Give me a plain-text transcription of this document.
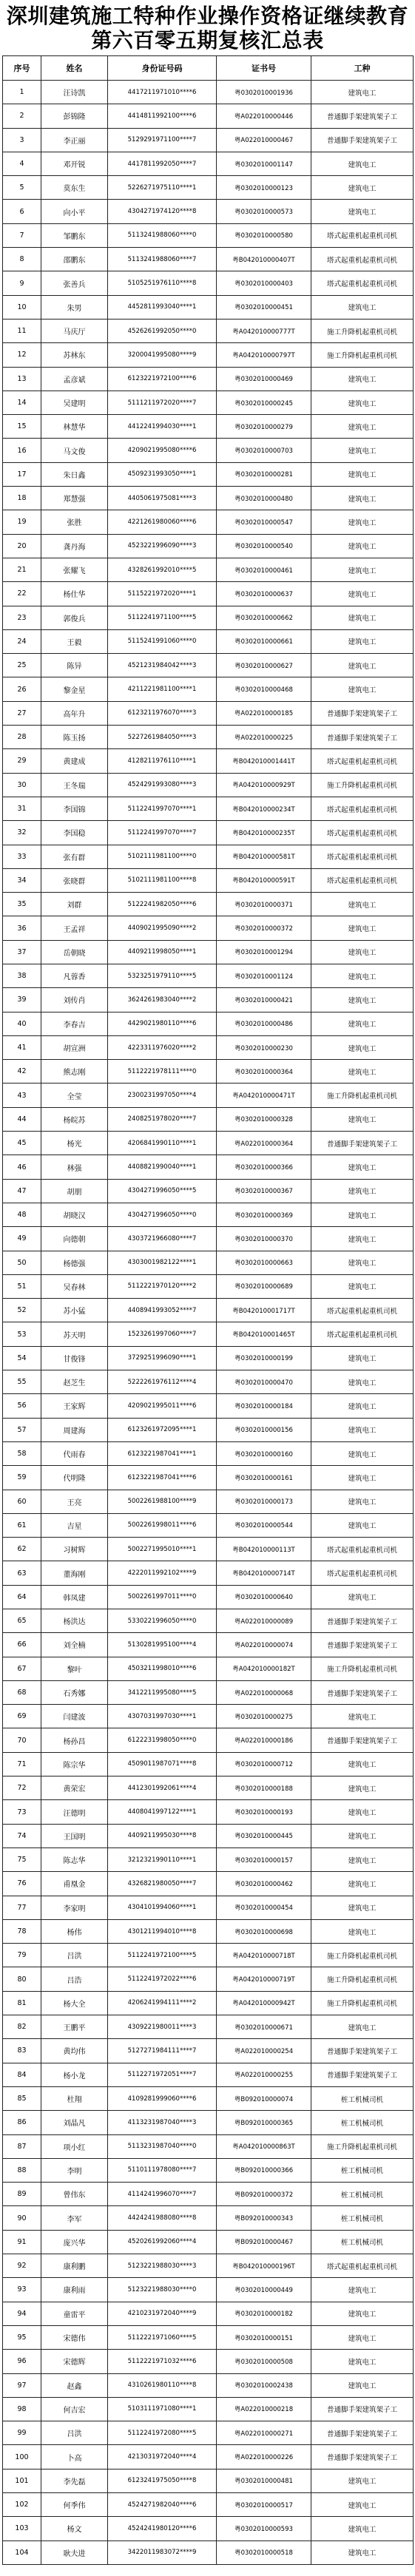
深圳建筑施工特种作业操作资格证继续教育
第六百零五期复核汇总表
序号	姓名	身份证号码	证书号	工种
1	汪诗凯	4417211971010****6	粤0302010001936	建筑电工
2	彭锦隆	4414811992100****6	粤A022010000446	普通脚手架建筑架子工
3	李正丽	5129291971100****7	粤A022010000467	普通脚手架建筑架子工
4	邓开锐	4417811992050****7	粤0302010001147	建筑电工
5	莫东生	5226271975110****1	粤0302010000123	建筑电工
6	向小平	4304271974120****8	粤0302010000573	建筑电工
7	邹鹏东	5113241988060****0	粤0302010000580	塔式起重机起重机司机
8	邵鹏东	5113241988060****7	粤B042010000407T	塔式起重机起重机司机
9	张善兵	5105251976110****8	粤0302010000403	塔式起重机起重机司机
10	朱男	4452811993040****1	粤0302010000451	建筑电工
11	马庆厅	4526261992050****0	粤A042010000777T	施工升降机起重机司机
12	苏林东	3200041995080****9	粤A042010000797T	施工升降机起重机司机
13	孟彦斌	6123221972100****6	粤0302010000469	建筑电工
14	吴建明	5111211972020****7	粤0302010000245	建筑电工
15	林慧华	4412241994030****1	粤0302010000279	建筑电工
16	马文俊	4209021995080****6	粤0302010000703	建筑电工
17	朱日鑫	4509231993050****1	粤0302010000281	建筑电工
18	郑慧强	4405061975081****3	粤0302010000480	建筑电工
19	张胜	4221261980060****6	粤0302010000547	建筑电工
20	龚丹海	4523221996090****3	粤0302010000540	建筑电工
21	张耀飞	4328261992010****5	粤0302010000461	建筑电工
22	杨仕华	5115221972020****1	粤0302010000637	建筑电工
23	郭俊兵	5112241971100****5	粤0302010000662	建筑电工
24	王毅	5115241991060****0	粤0302010000661	建筑电工
25	陈异	4521231984042****3	粤0302010000627	建筑电工
26	黎金星	4211221981100****1	粤0302010000468	建筑电工
27	高年升	6123211976070****3	粤A022010000185	普通脚手架建筑架子工
28	陈玉扬	5227261984050****3	粤A022010000225	普通脚手架建筑架子工
29	黄建成	4128211976110****1	粤B042010001441T	塔式起重机起重机司机
30	王冬瑞	4524291993080****3	粤A042010000929T	施工升降机起重机司机
31	李国锦	5112241997070****1	粤B042010000234T	塔式起重机起重机司机
32	李国稳	5112241997070****7	粤B042010000235T	塔式起重机起重机司机
33	张有群	5102111981100****0	粤B042010000581T	塔式起重机起重机司机
34	张晓群	5102111981100****8	粤B042010000591T	塔式起重机起重机司机
35	刘群	5122241982050****6	粤0302010000371	建筑电工
36	王孟祥	4409021995090****2	粤0302010000372	建筑电工
37	岳朝晓	4409211998050****1	粤0302010001294	建筑电工
38	凡蓉香	5323251979110****5	粤0302010001124	建筑电工
39	刘传肖	3624261983040****2	粤0302010000421	建筑电工
40	李春吉	4429021980110****6	粤0302010000486	建筑电工
41	胡宣洲	4223311976020****2	粤0302010000230	建筑电工
42	熊志刚	5112221978111****0	粤0302010000364	建筑电工
43	全莹	2300231997050****4	粤A042010000471T	施工升降机起重机司机
44	杨皖苏	2408251978020****7	粤0302010000328	建筑电工
45	杨光	4206841990110****1	粤A022010000364	普通脚手架建筑架子工
46	林强	4408821990040****1	粤0302010000366	建筑电工
47	胡朋	4304271996050****5	粤0302010000367	建筑电工
48	胡晓汉	4304271996050****0	粤0302010000369	建筑电工
49	向德朝	4303721966080****7	粤0302010000370	建筑电工
50	杨德强	4303001982122****1	粤0302010000663	建筑电工
51	吴春林	5112221970120****2	粤0302010000689	建筑电工
52	苏小猛	4408941993052****7	粤B042010001717T	塔式起重机起重机司机
53	苏天明	1523261997060****7	粤B042010001465T	塔式起重机起重机司机
54	甘俊锋	3729251996090****1	粤0302010000199	建筑电工
55	赵芝生	5222261976112****4	粤0302010000470	建筑电工
56	王家辉	4209021995011****6	粤0302010000184	建筑电工
57	周建海	6123261972095****1	粤0302010000156	建筑电工
58	代雨春	6123221987041****1	粤0302010000160	建筑电工
59	代明隆	6123221987041****6	粤0302010000161	建筑电工
60	王亮	5002261988100****9	粤0302010000173	建筑电工
61	吉星	5002261998011****6	粤0302010000544	建筑电工
62	习树辉	5002271995010****1	粤B042010000113T	塔式起重机起重机司机
63	董海刚	4222011992102****9	粤B042010000714T	塔式起重机起重机司机
64	韩凤建	5002261997011****0	粤0302010000640	建筑电工
65	杨洪达	5330221996050****0	粤A022010000089	普通脚手架建筑架子工
66	刘全楠	5130281995100****4	粤A022010000074	普通脚手架建筑架子工
67	黎叶	4503211998010****6	粤A042010000182T	施工升降机起重机司机
68	石秀娜	3412211995080****5	粤A022010000068	普通脚手架建筑架子工
69	闫建波	4307031997030****1	粤0302010000275	建筑电工
70	杨孙昌	6122231998050****0	粤A022010000186	普通脚手架建筑架子工
71	陈宗华	4509011987071****8	粤0302010000712	建筑电工
72	黄荣宏	4412301992061****4	粤0302010000188	建筑电工
73	汪德明	4408041997122****1	粤0302010000193	建筑电工
74	王国明	4409211995030****8	粤0302010000445	建筑电工
75	陈志华	3212321990110****1	粤0302010000157	建筑电工
76	甫凰金	4326821980050****7	粤0302010000462	建筑电工
77	李家明	4304101994060****1	粤0302010000454	建筑电工
78	杨伟	4301211994010****8	粤0302010000698	建筑电工
79	吕洪	5112241972100****5	粤A042010000718T	施工升降机起重机司机
80	吕浩	5112241972022****6	粤A042010000719T	施工升降机起重机司机
81	杨大全	4206241994111****2	粤A042010000942T	施工升降机起重机司机
82	王鹏平	4309221980011****3	粤0302010000671	建筑电工
83	黄均伟	5127271984111****7	粤A022010000254	普通脚手架建筑架子工
84	杨小龙	5112271972051****7	粤A022010000255	普通脚手架建筑架子工
85	杜翔	4109281999060****6	粤B092010000074	桩工机械司机
86	刘晶凡	4113231987040****3	粤B092010000365	桩工机械司机
87	项小红	5113231987040****0	粤A042010000863T	施工升降机起重机司机
88	李明	5110111978080****7	粤B092010000366	桩工机械司机
89	曾伟东	4114241996070****7	粤B092010000372	桩工机械司机
90	李军	4424241988080****8	粤B092010000343	桩工机械司机
91	庞兴华	4520261992060****4	粤B092010000467	桩工机械司机
92	康利鹏	5123221988030****3	粤B042010000196T	塔式起重机起重机司机
93	康利雨	5123221988030****0	粤0302010000449	建筑电工
94	童雷平	4210231972040****9	粤0302010000182	建筑电工
95	宋德伟	5112221971060****5	粤0302010000151	建筑电工
96	宋德辉	5112221971032****6	粤0302010000508	建筑电工
97	赵鑫	4310261980110****8	粤0302010002438	建筑电工
98	何吉宏	5103111971080****1	粤A022010000218	普通脚手架建筑架子工
99	吕洪	5112241972080****5	粤A022010000271	普通脚手架建筑架子工
100	卜高	4213031972040****4	粤A022010000226	普通脚手架建筑架子工
101	李先磊	6123241975050****8	粤0302010000481	建筑电工
102	何季伟	4524271982040****6	粤0302010000517	建筑电工
103	杨文	4524241980120****6	粤0302010000593	建筑电工
104	耿夫进	3422011983072****9	粤0302010000518	建筑电工
